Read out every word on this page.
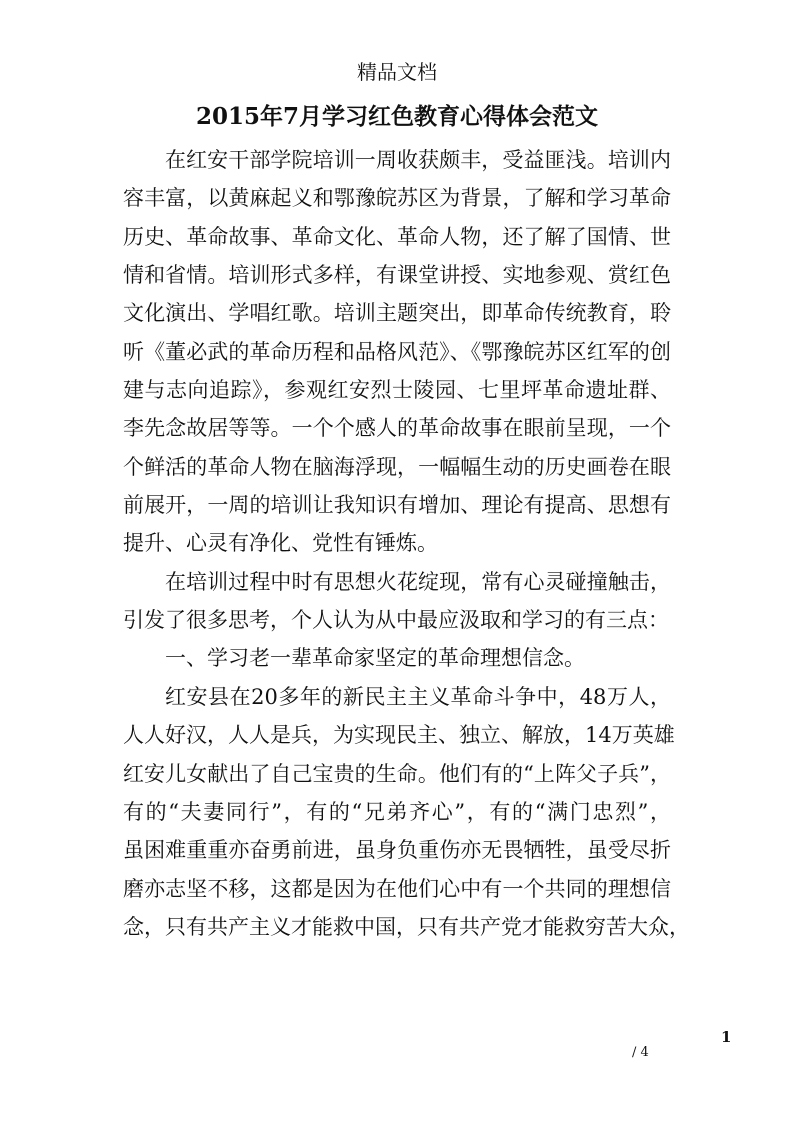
精品文档
2015年7月学习红色教育心得体会范文
在红安干部学院培训一周收获颇丰，受益匪浅。培训内
容丰富，以黄麻起义和鄂豫皖苏区为背景，了解和学习革命
历史、革命故事、革命文化、革命人物，还了解了国情、世
情和省情。培训形式多样，有课堂讲授、实地参观、赏红色
文化演出、学唱红歌。培训主题突出，即革命传统教育，聆
听《董必武的革命历程和品格风范》、《鄂豫皖苏区红军的创
建与志向追踪》，参观红安烈士陵园、七里坪革命遗址群、
李先念故居等等。一个个感人的革命故事在眼前呈现，一个
个鲜活的革命人物在脑海浮现，一幅幅生动的历史画卷在眼
前展开，一周的培训让我知识有增加、理论有提高、思想有
提升、心灵有净化、党性有锤炼。
在培训过程中时有思想火花绽现，常有心灵碰撞触击，
引发了很多思考，个人认为从中最应汲取和学习的有三点：
一、学习老一辈革命家坚定的革命理想信念。
红安县在20多年的新民主主义革命斗争中，48万人，
人人好汉，人人是兵，为实现民主、独立、解放，14万英雄
红安儿女献出了自己宝贵的生命。他们有的“上阵父子兵”，
有的“夫妻同行”，有的“兄弟齐心”，有的“满门忠烈”，
虽困难重重亦奋勇前进，虽身负重伤亦无畏牺牲，虽受尽折
磨亦志坚不移，这都是因为在他们心中有一个共同的理想信
念，只有共产主义才能救中国，只有共产党才能救穷苦大众，
1
/ 4
